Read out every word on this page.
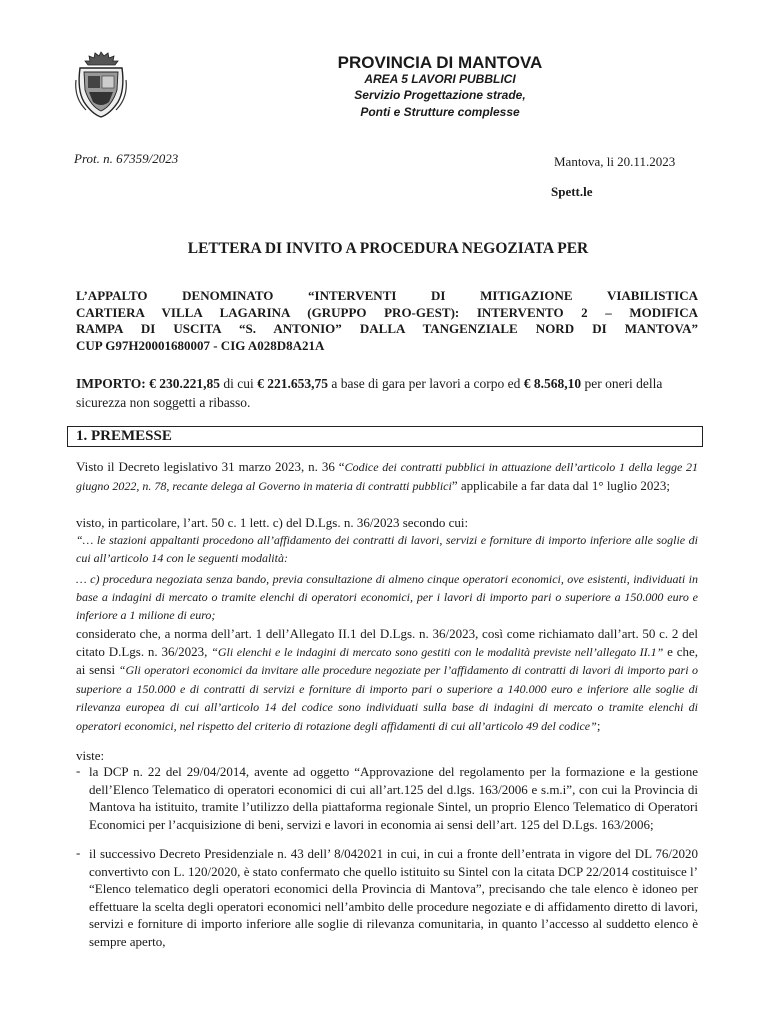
PROVINCIA DI MANTOVA
AREA 5 LAVORI PUBBLICI
Servizio Progettazione strade,
Ponti e Strutture complesse
Prot. n. 67359/2023	Mantova, li 20.11.2023
Spett.le
LETTERA DI INVITO A PROCEDURA NEGOZIATA PER
L’APPALTO DENOMINATO “INTERVENTI DI MITIGAZIONE VIABILISTICA
CARTIERA VILLA LAGARINA (GRUPPO PRO-GEST): INTERVENTO 2 – MODIFICA
RAMPA DI USCITA “S. ANTONIO” DALLA TANGENZIALE NORD DI MANTOVA”
CUP G97H20001680007 - CIG A028D8A21A
IMPORTO: € 230.221,85 di cui € 221.653,75 a base di gara per lavori a corpo ed € 8.568,10 per oneri della sicurezza non soggetti a ribasso.
1. PREMESSE
Visto il Decreto legislativo 31 marzo 2023, n. 36 “Codice dei contratti pubblici in attuazione dell’articolo 1 della legge 21 giugno 2022, n. 78, recante delega al Governo in materia di contratti pubblici” applicabile a far data dal 1° luglio 2023;
visto, in particolare, l’art. 50 c. 1 lett. c) del D.Lgs. n. 36/2023 secondo cui:
“… le stazioni appaltanti procedono all’affidamento dei contratti di lavori, servizi e forniture di importo inferiore alle soglie di cui all’articolo 14 con le seguenti modalità:
… c) procedura negoziata senza bando, previa consultazione di almeno cinque operatori economici, ove esistenti, individuati in base a indagini di mercato o tramite elenchi di operatori economici, per i lavori di importo pari o superiore a 150.000 euro e inferiore a 1 milione di euro;
considerato che, a norma dell’art. 1 dell’Allegato II.1 del D.Lgs. n. 36/2023, così come richiamato dall’art. 50 c. 2 del citato D.Lgs. n. 36/2023, “Gli elenchi e le indagini di mercato sono gestiti con le modalità previste nell’allegato II.1” e che, ai sensi “Gli operatori economici da invitare alle procedure negoziate per l’affidamento di contratti di lavori di importo pari o superiore a 150.000 e di contratti di servizi e forniture di importo pari o superiore a 140.000 euro e inferiore alle soglie di rilevanza europea di cui all’articolo 14 del codice sono individuati sulla base di indagini di mercato o tramite elenchi di operatori economici, nel rispetto del criterio di rotazione degli affidamenti di cui all’articolo 49 del codice”;
viste:
- la DCP n. 22 del 29/04/2014, avente ad oggetto “Approvazione del regolamento per la formazione e la gestione dell’Elenco Telematico di operatori economici di cui all’art.125 del d.lgs. 163/2006 e s.m.i”, con cui la Provincia di Mantova ha istituito, tramite l’utilizzo della piattaforma regionale Sintel, un proprio Elenco Telematico di Operatori Economici per l’acquisizione di beni, servizi e lavori in economia ai sensi dell’art. 125 del D.Lgs. 163/2006;
- il successivo Decreto Presidenziale n. 43 dell’ 8/042021 in cui, in cui a fronte dell’entrata in vigore del DL 76/2020 convertivto con L. 120/2020, è stato confermato che quello istituito su Sintel con la citata DCP 22/2014 costituisce l’ “Elenco telematico degli operatori economici della Provincia di Mantova”, precisando che tale elenco è idoneo per effettuare la scelta degli operatori economici nell’ambito delle procedure negoziate e di affidamento diretto di lavori, servizi e forniture di importo inferiore alle soglie di rilevanza comunitaria, in quanto l’accesso al suddetto elenco è sempre aperto,
